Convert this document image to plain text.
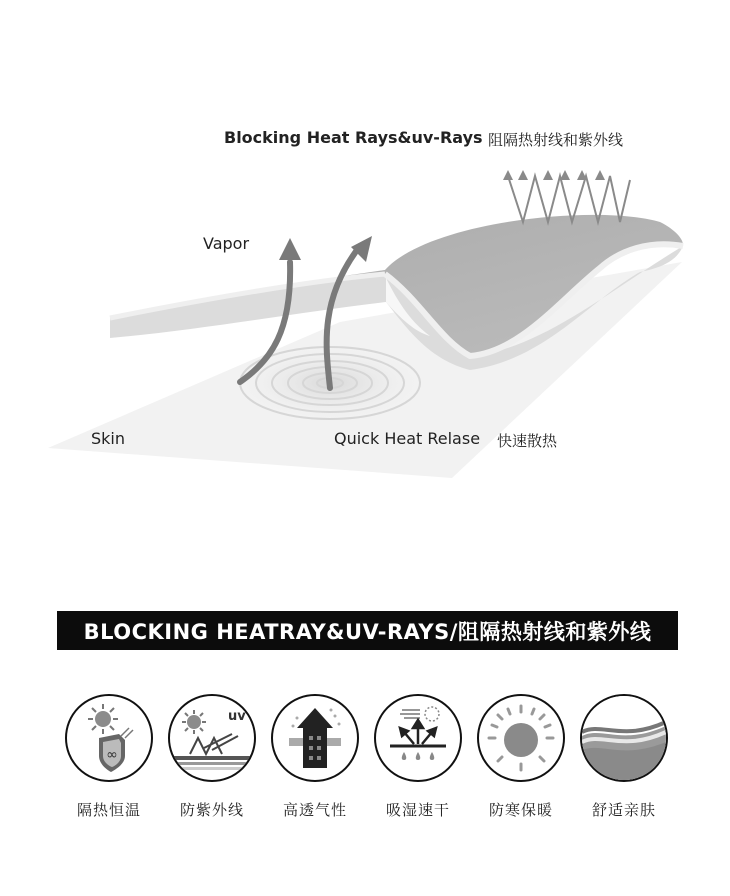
Blocking Heat Rays&uv-Rays 阻隔热射线和紫外线
Vapor
Skin	Quick Heat Relase 快速散热
BLOCKING HEATRAY&UV-RAYS/阻隔热射线和紫外线
∞
隔热恒温
uv
防紫外线	高透气性	吸湿速干	防寒保暖	舒适亲肤
